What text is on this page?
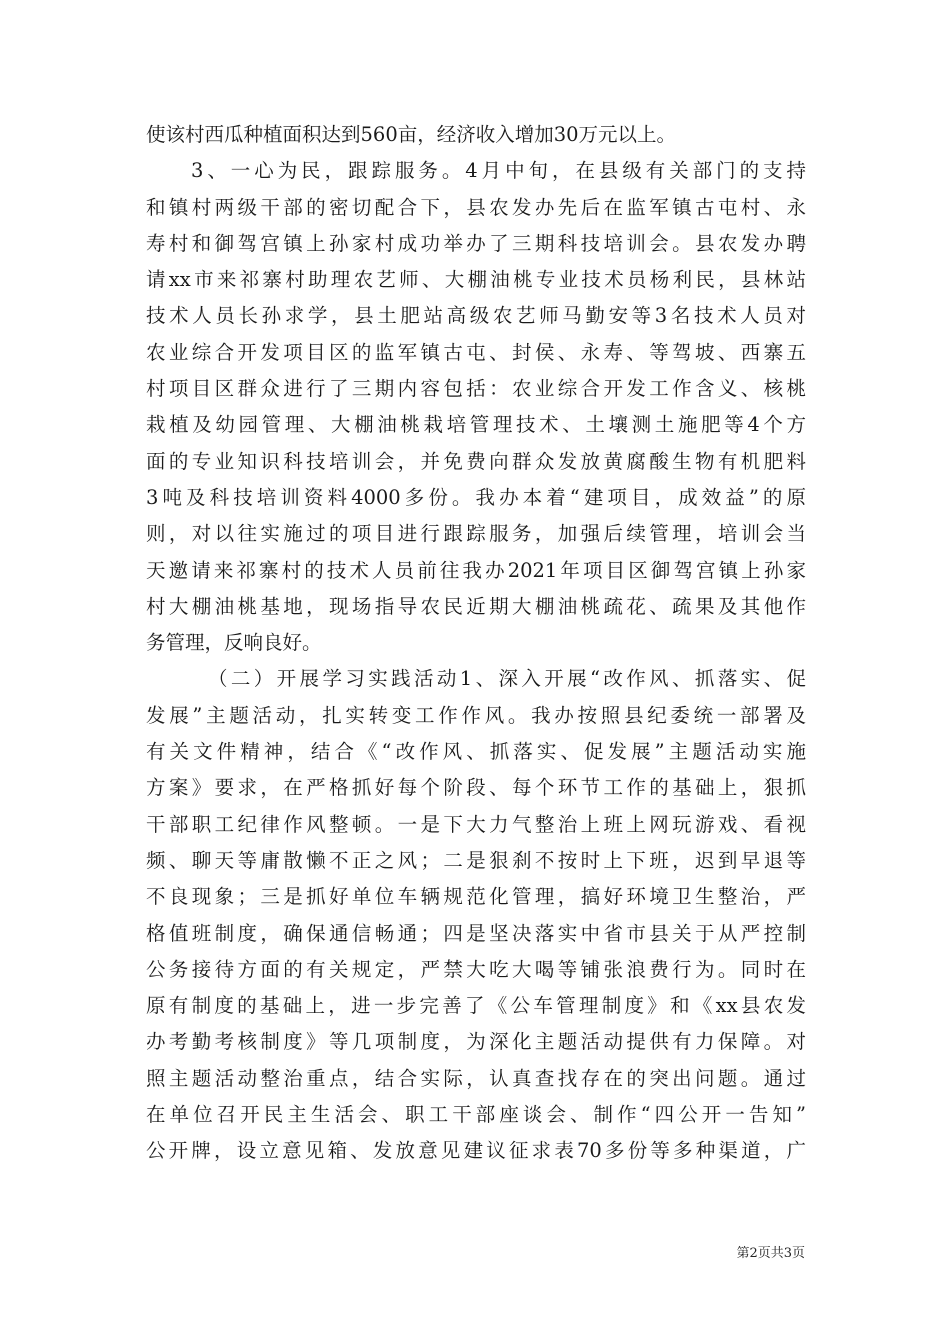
使该村西瓜种植面积达到560亩，经济收入增加30万元以上。
3、一心为民，跟踪服务。4月中旬，在县级有关部门的支持
和镇村两级干部的密切配合下，县农发办先后在监军镇古屯村、永
寿村和御驾宫镇上孙家村成功举办了三期科技培训会。县农发办聘
请xx市来祁寨村助理农艺师、大棚油桃专业技术员杨利民，县林站
技术人员长孙求学，县土肥站高级农艺师马勤安等3名技术人员对
农业综合开发项目区的监军镇古屯、封侯、永寿、等驾坡、西寨五
村项目区群众进行了三期内容包括：农业综合开发工作含义、核桃
栽植及幼园管理、大棚油桃栽培管理技术、土壤测土施肥等4个方
面的专业知识科技培训会，并免费向群众发放黄腐酸生物有机肥料
3吨及科技培训资料4000多份。我办本着“建项目，成效益”的原
则，对以往实施过的项目进行跟踪服务，加强后续管理，培训会当
天邀请来祁寨村的技术人员前往我办2021年项目区御驾宫镇上孙家
村大棚油桃基地，现场指导农民近期大棚油桃疏花、疏果及其他作
务管理，反响良好。
（二）开展学习实践活动1、深入开展“改作风、抓落实、促
发展”主题活动，扎实转变工作作风。我办按照县纪委统一部署及
有关文件精神，结合《“改作风、抓落实、促发展”主题活动实施
方案》要求，在严格抓好每个阶段、每个环节工作的基础上，狠抓
干部职工纪律作风整顿。一是下大力气整治上班上网玩游戏、看视
频、聊天等庸散懒不正之风；二是狠刹不按时上下班，迟到早退等
不良现象；三是抓好单位车辆规范化管理，搞好环境卫生整治，严
格值班制度，确保通信畅通；四是坚决落实中省市县关于从严控制
公务接待方面的有关规定，严禁大吃大喝等铺张浪费行为。同时在
原有制度的基础上，进一步完善了《公车管理制度》和《xx县农发
办考勤考核制度》等几项制度，为深化主题活动提供有力保障。对
照主题活动整治重点，结合实际，认真查找存在的突出问题。通过
在单位召开民主生活会、职工干部座谈会、制作“四公开一告知”
公开牌，设立意见箱、发放意见建议征求表70多份等多种渠道，广
第2页共3页
